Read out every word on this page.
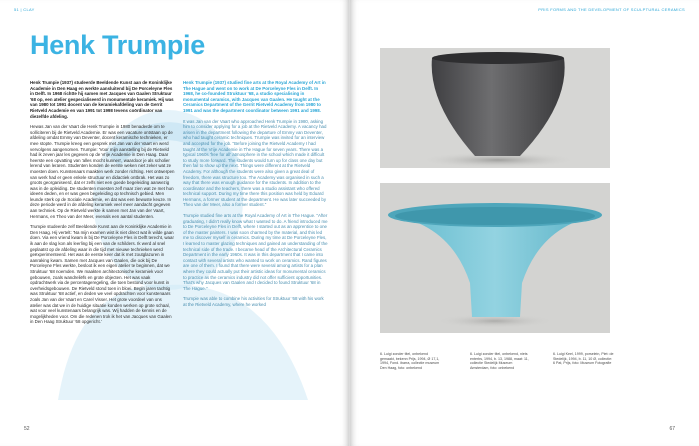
51 | CLAY
Henk Trumpie

Henk Trumpie (1937) studeerde Beeldende Kunst aan de Koninklijke Academie in Den Haag en werkte aansluitend bij De Porceleyne Fles in Delft. In 1968 richtte hij samen met Jacques van Gaalen Struktuur '68 op, een atelier gespecialiseerd in monumentale keramiek. Hij was van 1980 tot 1991 docent van de keramiekafdeling van de Gerrit Rietveld Academie en van 1991 tot 1998 tevens coördinator van diezelfde afdeling.

Hewas Jan van der Vaart die Henk Trumpie in 1980 benaderde om te solliciteren bij de Rietveld Academie. Er was een vacature ontstaan op de afdeling omdat Emmy van Deventer, docent keramische technieken, er mee stopte. Trumpie kreeg een gesprek met Jan van der Vaart en werd vervolgens aangenomen. Trumpie: 'Voor mijn aanstelling bij de Rietveld had ik zeven jaar les gegeven op de Vrije Academie in Den Haag. Daar heerste een opvatting van 'alles mocht kunnen', waardoor je als scholier lerend van leraren. Studenten konden de eerste weken niet zeker wat ze moesten doen. Kunstenaars maakten werk zonder richting. Het ontwerpen van werk had er geen enkele structuur en didactiek ontbrak. Het was zo groots georganiseerd, dat er zelfs niet een goede begeleiding aanwezig was in de opleiding. De studenten moesten zelf maar zien wat ze met hun ideeën deden, en er was geen begeleiding op technisch gebied. Men leunde sterk op de Sociale Academie, en dat was een bewuste keuze. In deze periode werd in de afdeling keramiek veel meer aandacht gegeven aan techniek. Op de Rietveld werkte ik samen met Jan van der Vaart, Hermans, en Theo van der Meer, evenals een aantal studenten.

Trumpie studeerde zelf Beeldende Kunst aan de Koninklijke Academie in Den Haag. Hij vertelt: 'Na mijn examen wist ik niet direct wat ik wilde gaan doen. Via een vriend kwam ik bij De Porceleyne Fles in Delft terecht, waar ik aan de slag kon als leerling bij een van de schilders. Ik werd al snel geplaatst op de afdeling waar in die tijd met nieuwe technieken werd geëxperimenteerd. Het was de eerste keer dat ik met zoutglazuren in aanraking kwam. Samen met Jacques van Gaalen, die ook bij De Porceleyne Fles werkte, besloot ik een eigen atelier te beginnen, dat we Struktuur '68 noemden. We maakten architectonische keramiek voor gebouwen, zoals wandreliëfs en grote objecten. Het was vaak opdrachtwerk via de percentageregeling, die toen bestond voor kunst in overheidsgebouwen. De Rietveld stond toen in bloei. Begin jaren tachtig was Struktuur '68 actief, en deden we veel opdrachten voor kunstenaars zoals Jan van der Vaart en Carel Visser. Het grote voordeel van ons atelier was dat we in de huidige situatie konden werken op grote schaal, wat voor veel kunstenaars belangrijk was. Wij hadden de kennis en de mogelijkheden voor. Om die redenen trok ik het van Jacques van Gaalen in Den Haag Struktuur '68 opgericht.'

Henk Trumpie (1937) studied fine arts at the Royal Academy of Art in The Hague and went on to work at De Porceleyne Fles in Delft. In 1968, he co-founded Struktuur '68, a studio specialising in monumental ceramics, with Jacques van Gaalen. He taught at the Ceramics Department of the Gerrit Rietveld Academy from 1980 to 1991 and was the department coordinator between 1991 and 1998.

It was Jan van der Vaart who approached Henk Trumpie in 1980, asking him to consider applying for a job at the Rietveld Academy. A vacancy had arisen in the department following the departure of Emmy van Deventer, who had taught ceramic techniques. Trumpie was invited for an interview and accepted for the job. "Before joining the Rietveld Academy I had taught at the Vrije Academie in The Hague for seven years. There was a typical 1960s 'free for all' atmosphere in the school which made it difficult to study more forward. The students would turn up for class one day but then fail to show up the next. Things were different at the Rietveld Academy. For although the students were also given a great deal of freedom, there was structure too. The Academy was organised in such a way that there was enough guidance for the students. In addition to the coordinator and the teachers, there was a studio assistant who offered technical support. During my time there this position was held by Eduard Hermans, a former student at the department. He was later succeeded by Theo van der Meer, also a former student."

Trumpie studied fine arts at the Royal Academy of Art in The Hague. "After graduating, I didn't really know what I wanted to do. A friend introduced me to De Porceleyne Fles in Delft, where I started out as an apprentice to one of the master painters. I was soon charmed by the material, and this led me to discover myself in ceramics. During my time at De Porceleyne Fles, I learned to master glazing techniques and gained an understanding of the technical side of the trade. I became head of the Architectural Ceramics Department in the early 1960s. It was in this department that I came into contact with several artists who wanted to work on ceramics. Rand figures are one of them. I found that there were several among artists for a plan where they could actually put their artistic ideas for monumental ceramics to practice as the ceramics industry did not offer sufficient opportunities. That's why Jacques van Gaalen and I decided to found Struktuur '68 in The Hague."

Trumpie was able to combine his activities for Struktuur '68 with his work at the Rietveld Academy, where he worked

52
PRIS FORMS AND THE DEVELOPMENT OF SCULPTURAL CERAMICS
67
6. Luigi zonder titel, onbekend gemaakt, bekenn Prijs, 1994, Ø 17,1, 1994, Fond. ibarra, collectie museum Den Haag, foto: onbekend
6. Luigi zonder titel, onbekend, niets enterbs, 1994, b. 13, 1988, maat: 11, collectie Stedelijk Museum Amsterdam, foto: onbekend
6. Luigi Keel, 1999, porselein, Piet: de Stedelijk, 1994, b. 11, 10 Ø, collectie: 6 Pat, Prijs, foto: Museum Fotografie
